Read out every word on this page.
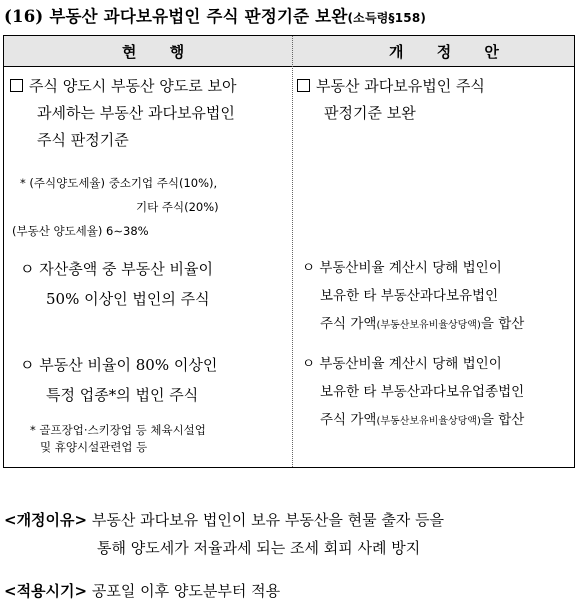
(16) 부동산 과다보유법인 주식 판정기준 보완(소득령§158)
현 행	개 정 안
주식 양도시 부동산 양도로 보아
과세하는 부동산 과다보유법인
주식 판정기준
* (주식양도세율) 중소기업 주식(10%),
기타 주식(20%)
(부동산 양도세율) 6∼38%
ㅇ 자산총액 중 부동산 비율이
50% 이상인 법인의 주식
ㅇ 부동산 비율이 80% 이상인
특정 업종*의 법인 주식
* 골프장업·스키장업 등 체육시설업
및 휴양시설관련업 등
부동산 과다보유법인 주식
판정기준 보완
ㅇ 부동산비율 계산시 당해 법인이
보유한 타 부동산과다보유법인
주식 가액(부동산보유비율상당액)을 합산
ㅇ 부동산비율 계산시 당해 법인이
보유한 타 부동산과다보유업종법인
주식 가액(부동산보유비율상당액)을 합산
<개정이유> 부동산 과다보유 법인이 보유 부동산을 현물 출자 등을
통해 양도세가 저율과세 되는 조세 회피 사례 방지
<적용시기> 공포일 이후 양도분부터 적용
